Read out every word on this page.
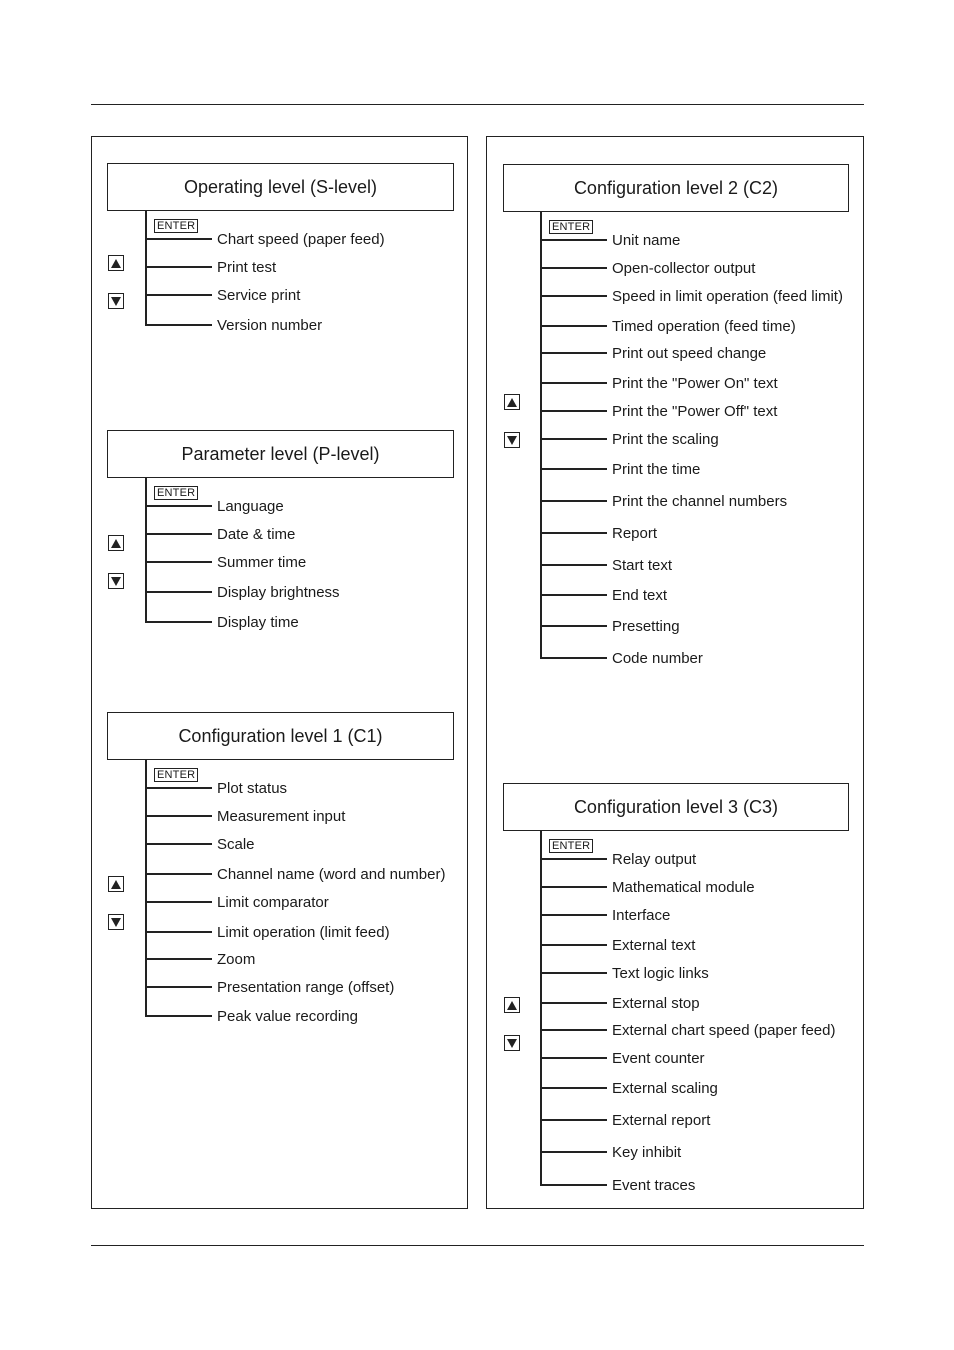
Operating level (S-level)
ENTER
Chart speed (paper feed)
Print test
Service print
Version number
Parameter level (P-level)
ENTER
Language
Date & time
Summer time
Display brightness
Display time
Configuration level 1 (C1)
ENTER
Plot status
Measurement input
Scale
Channel name (word and number)
Limit comparator
Limit operation (limit feed)
Zoom
Presentation range (offset)
Peak value recording
Configuration level 2 (C2)
ENTER
Unit name
Open-collector output
Speed in limit operation (feed limit)
Timed operation (feed time)
Print out speed change
Print the "Power On" text
Print the "Power Off" text
Print the scaling
Print the time
Print the channel numbers
Report
Start text
End text
Presetting
Code number
Configuration level 3 (C3)
ENTER
Relay output
Mathematical module
Interface
External text
Text logic links
External stop
External chart speed (paper feed)
Event counter
External scaling
External report
Key inhibit
Event traces
